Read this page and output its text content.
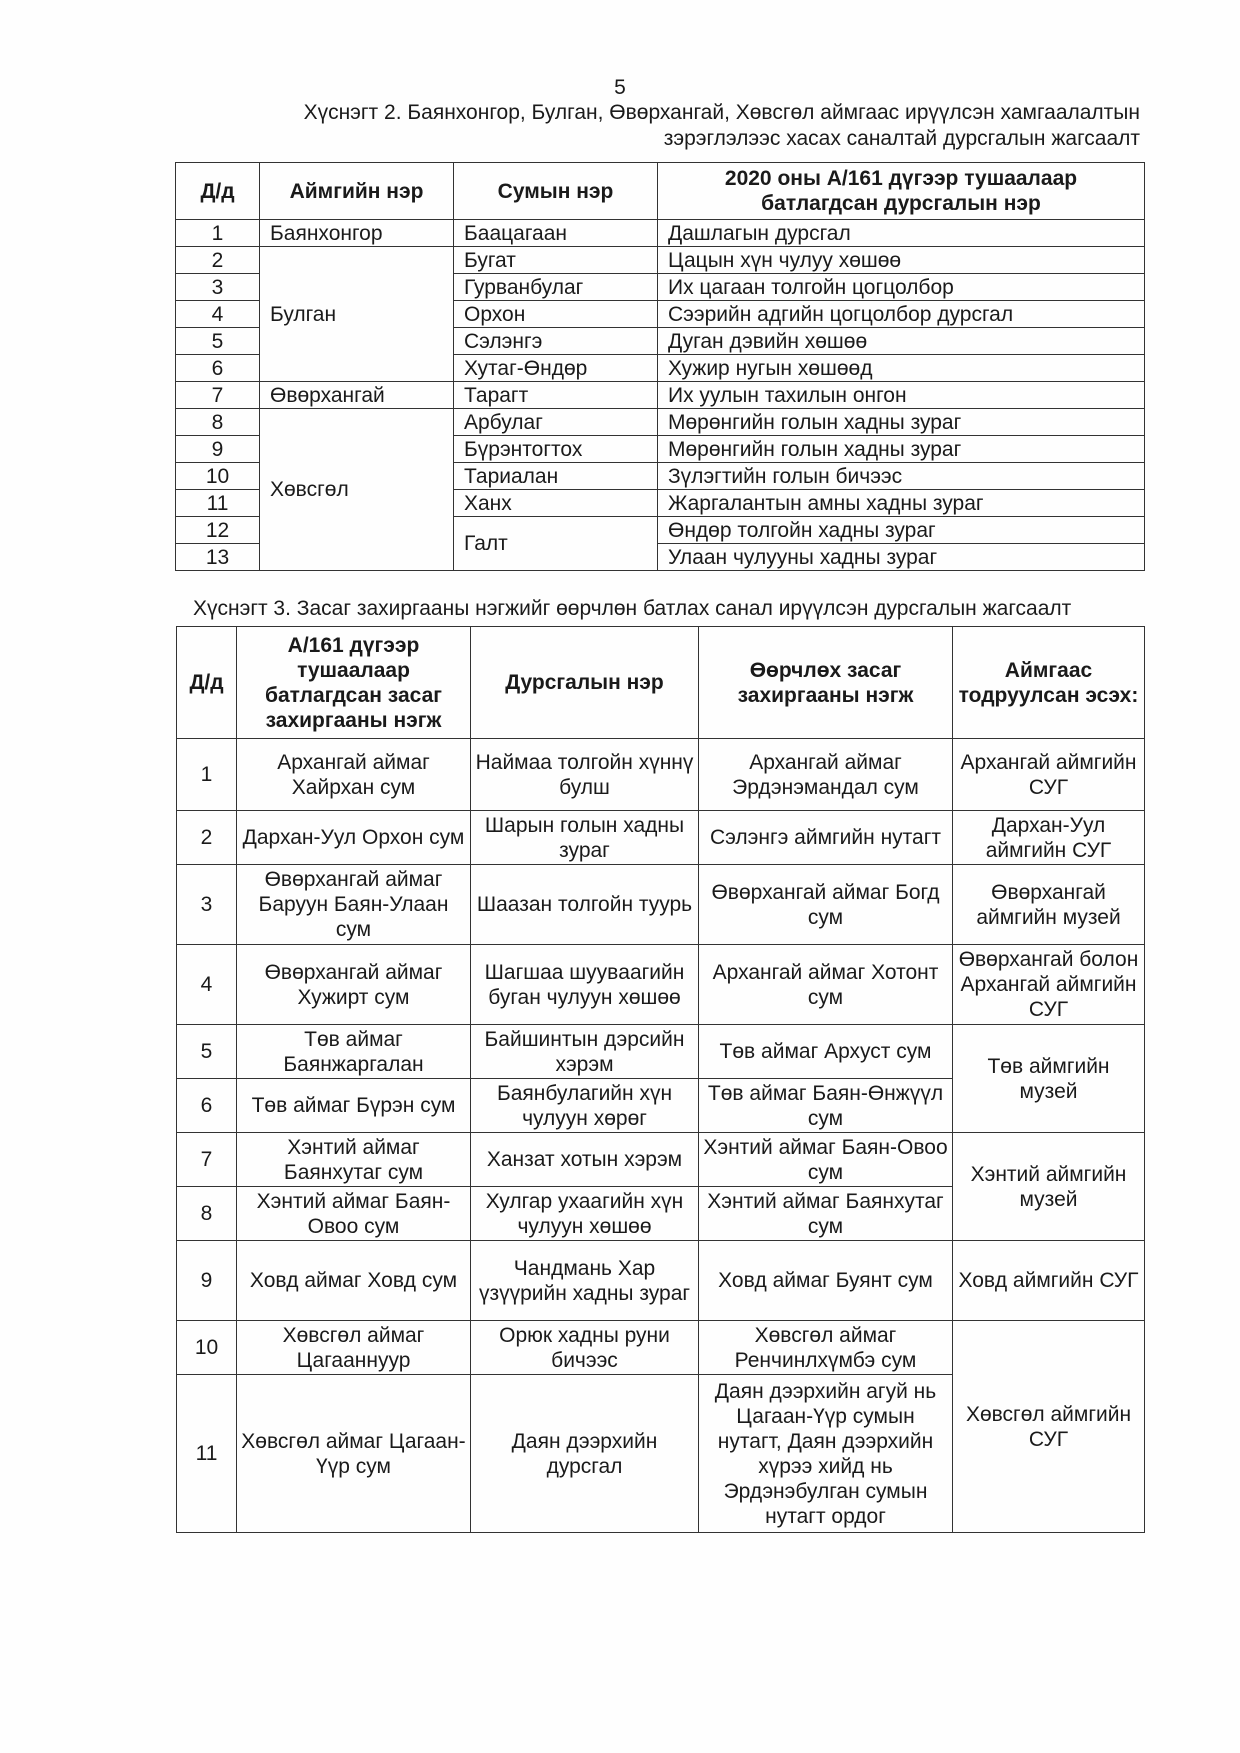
5
Хүснэгт 2. Баянхонгор, Булган, Өвөрхангай, Хөвсгөл аймгаас ирүүлсэн хамгаалалтын
зэрэглэлээс хасах саналтай дурсгалын жагсаалт
Д/д	Аймгийн нэр	Сумын нэр	2020 оны А/161 дүгээр тушаалаар
батлагдсан дурсгалын нэр

1	Баянхонгор	Баацагаан	Дашлагын дурсгал
2	Булган	Бугат	Цацын хүн чулуу хөшөө
3		Гурванбулаг	Их цагаан толгойн цогцолбор
4		Орхон	Сээрийн адгийн цогцолбор дурсгал
5		Сэлэнгэ	Дуган дэвийн хөшөө
6		Хутаг-Өндөр	Хужир нугын хөшөөд
7	Өвөрхангай	Тарагт	Их уулын тахилын онгон
8	Хөвсгөл	Арбулаг	Мөрөнгийн голын хадны зураг
9		Бүрэнтогтох	Мөрөнгийн голын хадны зураг
10		Тариалан	Зүлэгтийн голын бичээс
11		Ханх	Жаргалантын амны хадны зураг
12		Галт	Өндөр толгойн хадны зураг
13			Улаан чулууны хадны зураг
Хүснэгт 3. Засаг захиргааны нэгжийг өөрчлөн батлах санал ирүүлсэн дурсгалын жагсаалт
Д/д	А/161 дүгээр тушаалаар батлагдсан засаг захиргааны нэгж	Дурсгалын нэр	Өөрчлөх засаг захиргааны нэгж	Аймгаас тодруулсан эсэх:
1	Архангай аймаг Хайрхан сум	Наймаа толгойн хүннү булш	Архангай аймаг Эрдэнэмандал сум	Архангай аймгийн СУГ
2	Дархан-Уул Орхон сум	Шарын голын хадны зураг	Сэлэнгэ аймгийн нутагт	Дархан-Уул аймгийн СУГ
3	Өвөрхангай аймаг Баруун Баян-Улаан сум	Шаазан толгойн туурь	Өвөрхангай аймаг Богд сум	Өвөрхангай аймгийн музей
4	Өвөрхангай аймаг Хужирт сум	Шагшаа шуувaaгийн буган чулуун хөшөө	Архангай аймаг Хотонт сум	Өвөрхангай болон Архангай аймгийн СУГ
5	Төв аймаг Баянжаргалан	Байшинтын дэрсийн хэрэм	Төв аймаг Архуст сум	Төв аймгийн музей
6	Төв аймаг Бүрэн сум	Баянбулагийн хүн чулуун хөрөг	Төв аймаг Баян-Өнжүүл сум	
7	Хэнтий аймаг Баянхутаг сум	Ханзат хотын хэрэм	Хэнтий аймаг Баян-Овоо сум	Хэнтий аймгийн музей
8	Хэнтий аймаг Баян-Овоо сум	Хулгар ухаагийн хүн чулуун хөшөө	Хэнтий аймаг Баянхутаг сум	
9	Ховд аймаг Ховд сум	Чандмань Хар үзүүрийн хадны зураг	Ховд аймаг Буянт сум	Ховд аймгийн СУГ
10	Хөвсгөл аймаг Цагааннуур	Орюк хадны руни бичээс	Хөвсгөл аймаг Ренчинлхүмбэ сум	Хөвсгөл аймгийн СУГ
11	Хөвсгөл аймаг Цагаан-Үүр сум	Даян дээрхийн дурсгал	Даян дээрхийн агуй нь Цагаан-Үүр сумын нутагт, Даян дээрхийн хүрээ хийд нь Эрдэнэбулган сумын нутагт ордог	
